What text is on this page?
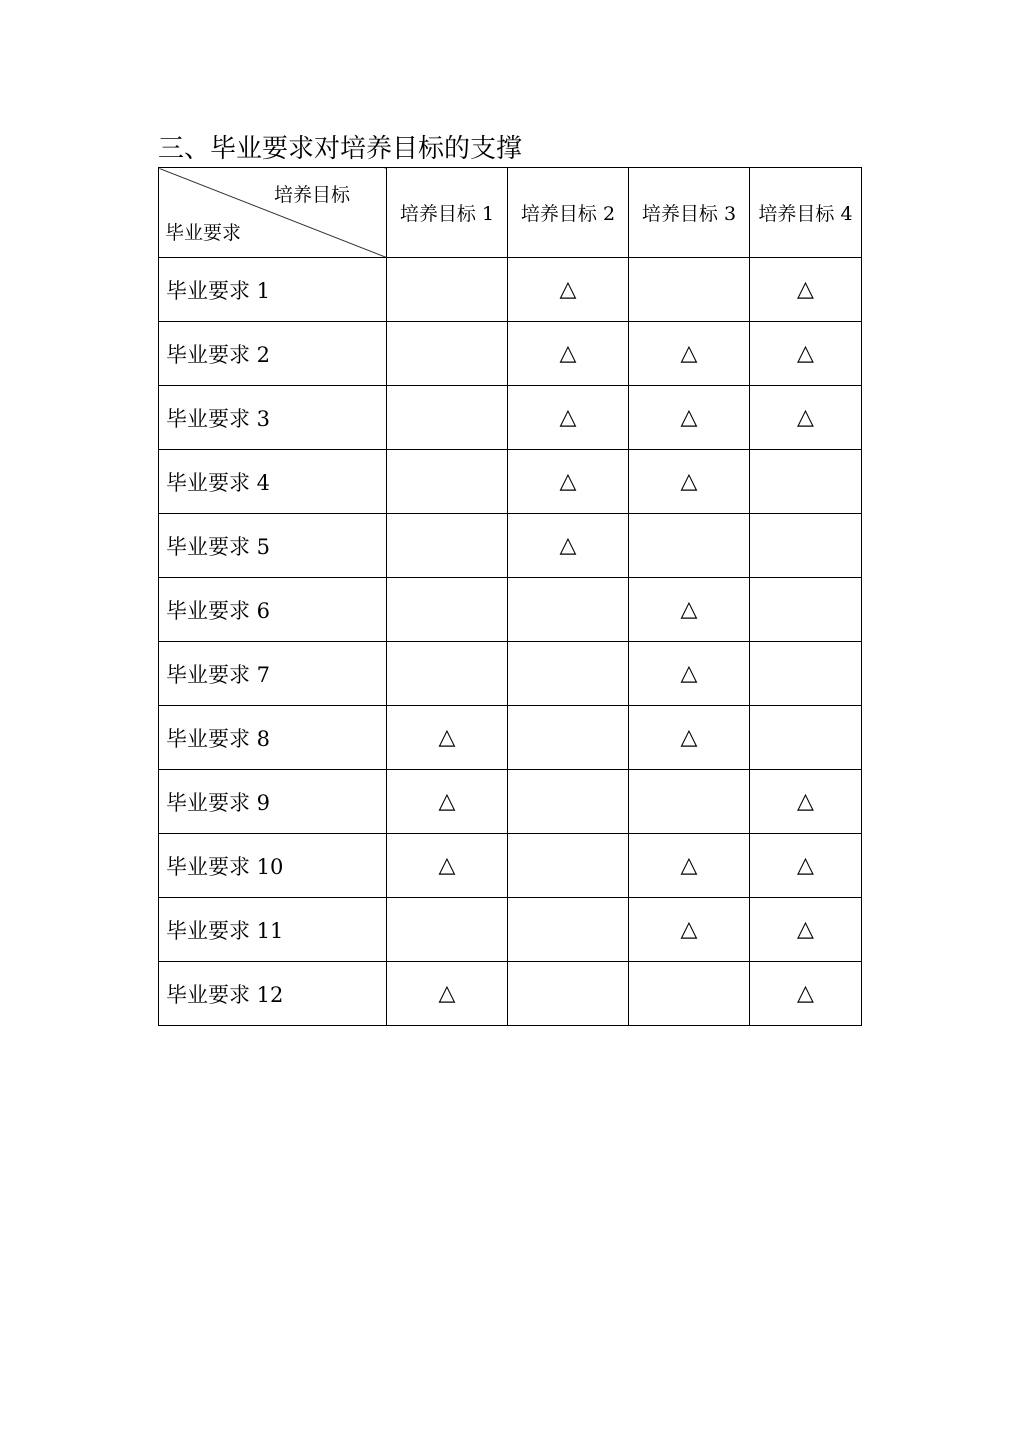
三、毕业要求对培养目标的支撑
培养目标
毕业要求	培养目标 1	培养目标 2	培养目标 3	培养目标 4
毕业要求 1		△		△
毕业要求 2		△	△	△
毕业要求 3		△	△	△
毕业要求 4		△	△	
毕业要求 5		△		
毕业要求 6			△	
毕业要求 7			△	
毕业要求 8	△		△	
毕业要求 9	△			△
毕业要求 10	△		△	△
毕业要求 11			△	△
毕业要求 12	△			△
